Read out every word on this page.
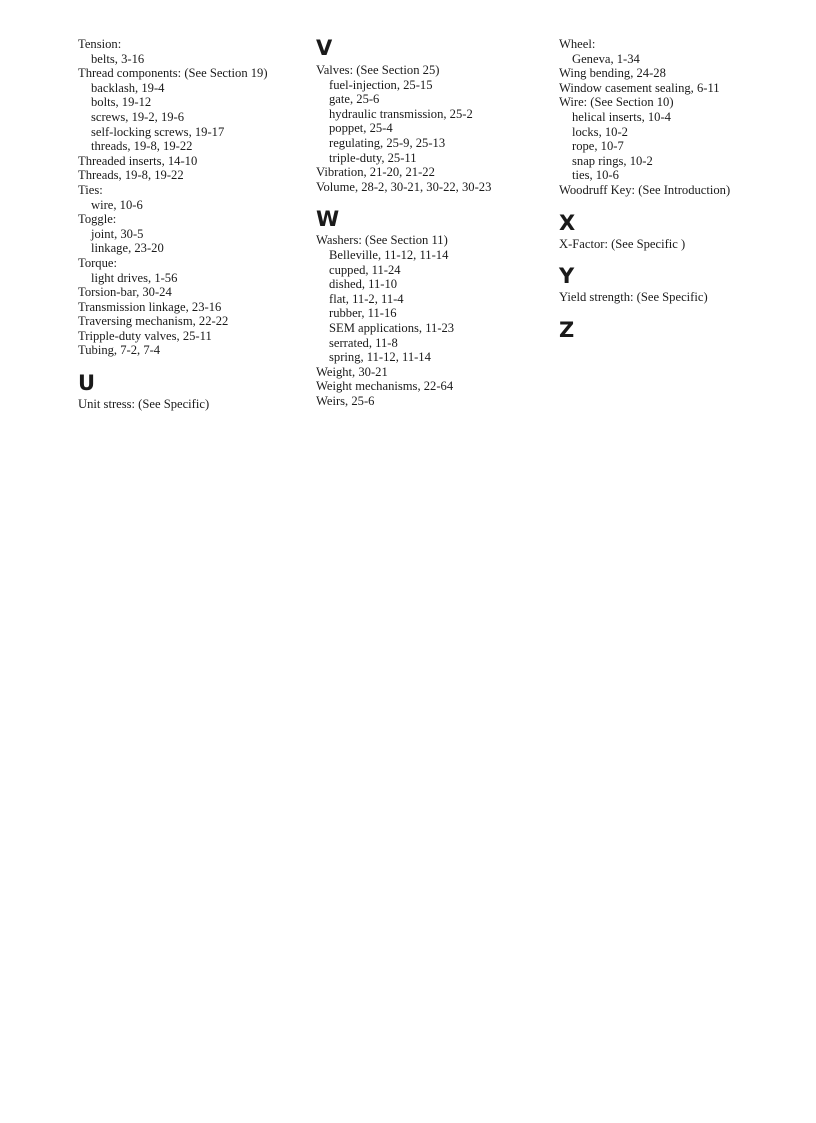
Tension:
belts, 3-16
Thread components: (See Section 19)
backlash, 19-4
bolts, 19-12
screws, 19-2, 19-6
self-locking screws, 19-17
threads, 19-8, 19-22
Threaded inserts, 14-10
Threads, 19-8, 19-22
Ties:
wire, 10-6
Toggle:
joint, 30-5
linkage, 23-20
Torque:
light drives, 1-56
Torsion-bar, 30-24
Transmission linkage, 23-16
Traversing mechanism, 22-22
Tripple-duty valves, 25-11
Tubing, 7-2, 7-4
U
Unit stress: (See Specific)
V
Valves: (See Section 25)
fuel-injection, 25-15
gate, 25-6
hydraulic transmission, 25-2
poppet, 25-4
regulating, 25-9, 25-13
triple-duty, 25-11
Vibration, 21-20, 21-22
Volume, 28-2, 30-21, 30-22, 30-23
W
Washers: (See Section 11)
Belleville, 11-12, 11-14
cupped, 11-24
dished, 11-10
flat, 11-2, 11-4
rubber, 11-16
SEM applications, 11-23
serrated, 11-8
spring, 11-12, 11-14
Weight, 30-21
Weight mechanisms, 22-64
Weirs, 25-6
Wheel:
Geneva, 1-34
Wing bending, 24-28
Window casement sealing, 6-11
Wire: (See Section 10)
helical inserts, 10-4
locks, 10-2
rope, 10-7
snap rings, 10-2
ties, 10-6
Woodruff Key: (See Introduction)
X
X-Factor: (See Specific )
Y
Yield strength: (See Specific)
Z
